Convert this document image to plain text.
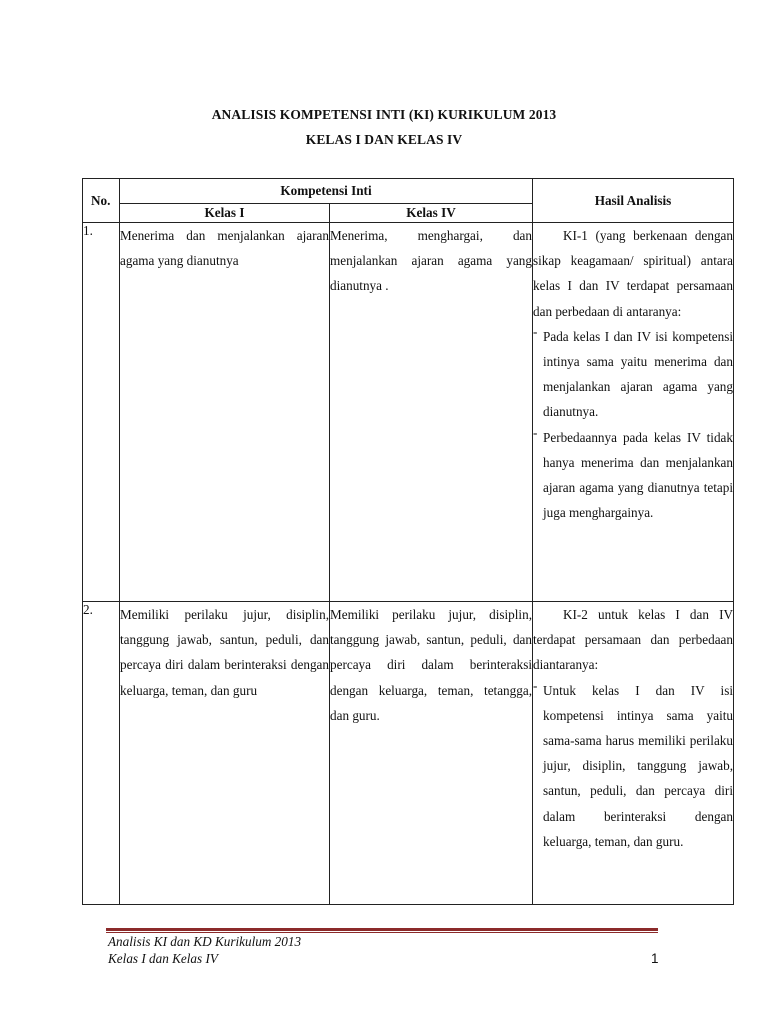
ANALISIS KOMPETENSI INTI (KI) KURIKULUM 2013
KELAS I DAN KELAS IV
No.	Kompetensi Inti		Hasil Analisis
	Kelas I	Kelas IV	
1.	Menerima dan menjalankan ajaran agama yang dianutnya	Menerima, menghargai, dan menjalankan ajaran agama yang dianutnya .	KI-1 (yang berkenaan dengan sikap keagamaan/ spiritual) antara kelas I dan IV terdapat persamaan dan perbedaan di antaranya:

- Pada kelas I dan IV isi kompetensi intinya sama yaitu menerima dan menjalankan ajaran agama yang dianutnya.
- Perbedaannya pada kelas IV tidak hanya menerima dan menjalankan ajaran agama yang dianutnya tetapi juga menghargainya.

2.	Memiliki perilaku jujur, disiplin, tanggung jawab, santun, peduli, dan percaya diri dalam berinteraksi dengan keluarga, teman, dan guru	Memiliki perilaku jujur, disiplin, tanggung jawab, santun, peduli, dan percaya diri dalam berinteraksi dengan keluarga, teman, tetangga, dan guru.	KI-2 untuk kelas I dan IV terdapat persamaan dan perbedaan diantaranya:

- Untuk kelas I dan IV isi kompetensi intinya sama yaitu sama-sama harus memiliki perilaku jujur, disiplin, tanggung jawab, santun, peduli, dan percaya diri dalam berinteraksi dengan keluarga, teman, dan guru.
Analisis KI dan KD Kurikulum 2013
Kelas I dan Kelas IV	1
